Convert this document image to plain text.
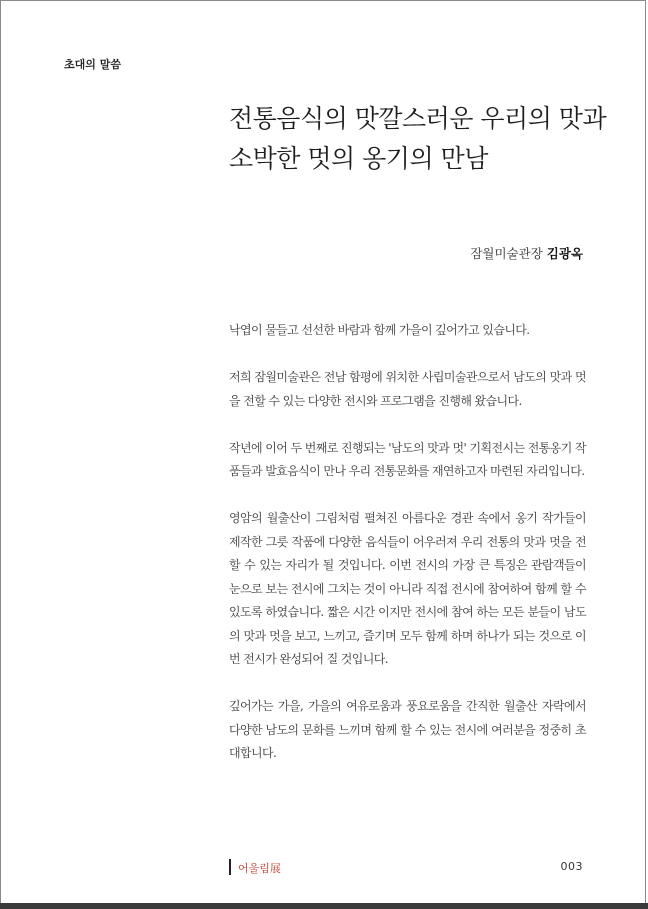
초대의 말씀
전통음식의 맛깔스러운 우리의 맛과
소박한 멋의 옹기의 만남
잠월미술관장 김광옥

낙엽이 물들고 선선한 바람과 함께 가을이 깊어가고 있습니다.

저희 잠월미술관은 전남 함평에 위치한 사립미술관으로서 남도의 맛과 멋을 전할 수 있는 다양한 전시와 프로그램을 진행해 왔습니다.

작년에 이어 두 번째로 진행되는 '남도의 맛과 멋' 기획전시는 전통옹기 작품들과 발효음식이 만나 우리 전통문화를 재연하고자 마련된 자리입니다.

영암의 월출산이 그림처럼 펼쳐진 아름다운 경관 속에서 옹기 작가들이 제작한 그릇 작품에 다양한 음식들이 어우러져 우리 전통의 맛과 멋을 전할 수 있는 자리가 될 것입니다. 이번 전시의 가장 큰 특징은 관람객들이 눈으로 보는 전시에 그치는 것이 아니라 직접 전시에 참여하여 함께 할 수 있도록 하였습니다. 짧은 시간 이지만 전시에 참여 하는 모든 분들이 남도의 맛과 멋을 보고, 느끼고, 즐기며 모두 함께 하며 하나가 되는 것으로 이번 전시가 완성되어 질 것입니다.

깊어가는 가을, 가을의 여유로움과 풍요로움을 간직한 월출산 자락에서 다양한 남도의 문화를 느끼며 함께 할 수 있는 전시에 여러분을 정중히 초대합니다.

어울림展	003
